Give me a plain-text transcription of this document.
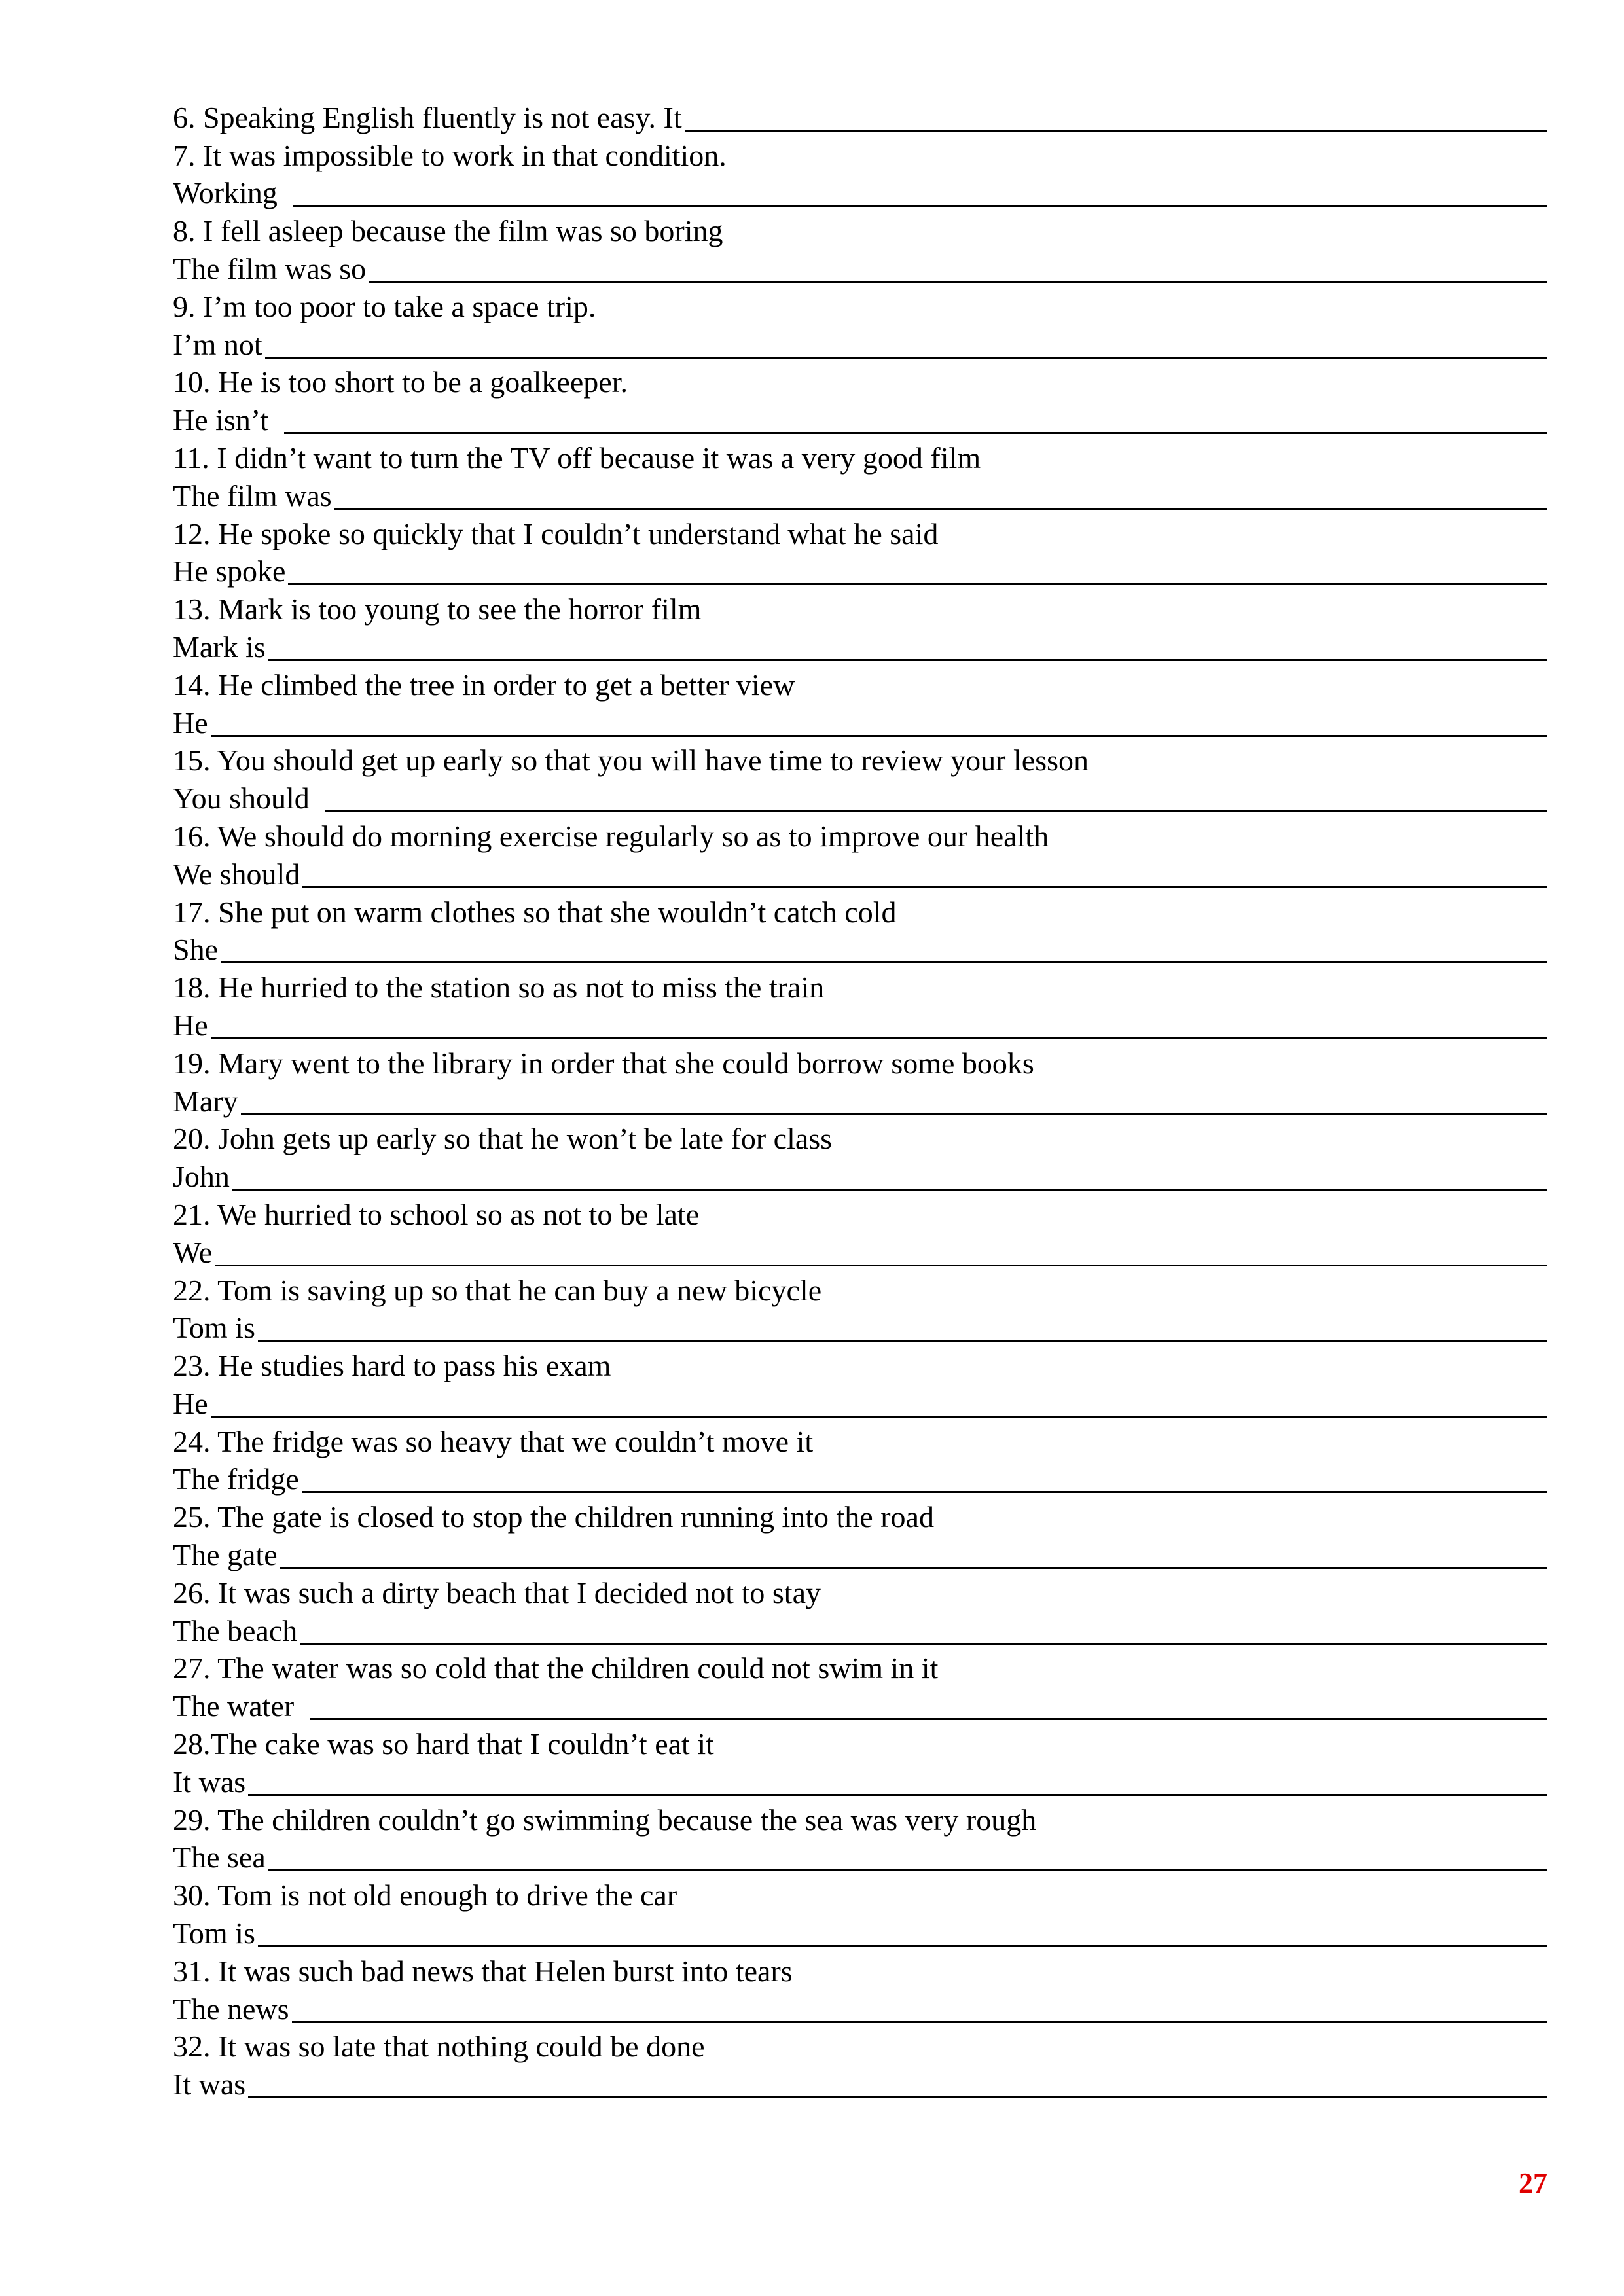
6. Speaking English fluently is not easy. It
7. It was impossible to work in that condition.
Working
8. I fell asleep because the film was so boring
The film was so
9. I’m too poor to take a space trip.
I’m not
10. He is too short to be a goalkeeper.
He isn’t
11. I didn’t want to turn the TV off because it was a very good film
The film was
12. He spoke so quickly that I couldn’t understand what he said
He spoke
13. Mark is too young to see the horror film
Mark is
14. He climbed the tree in order to get a better view
He
15. You should get up early so that you will have time to review your lesson
You should
16. We should do morning exercise regularly so as to improve our health
We should
17. She put on warm clothes so that she wouldn’t catch cold
She
18. He hurried to the station so as not to miss the train
He
19. Mary went to the library in order that she could borrow some books
Mary
20. John gets up early so that he won’t be late for class
John
21. We hurried to school so as not to be late
We
22. Tom is saving up so that he can buy a new bicycle
Tom is
23. He studies hard to pass his exam
He
24. The fridge was so heavy that we couldn’t move it
The fridge
25. The gate is closed to stop the children running into the road
The gate
26. It was such a dirty beach that I decided not to stay
The beach
27. The water was so cold that the children could not swim in it
The water
28.The cake was so hard that I couldn’t eat it
It was
29. The children couldn’t go swimming because the sea was very rough
The sea
30. Tom is not old enough to drive the car
Tom is
31. It was such bad news that Helen burst into tears
The news
32. It was so late that nothing could be done
It was
27
